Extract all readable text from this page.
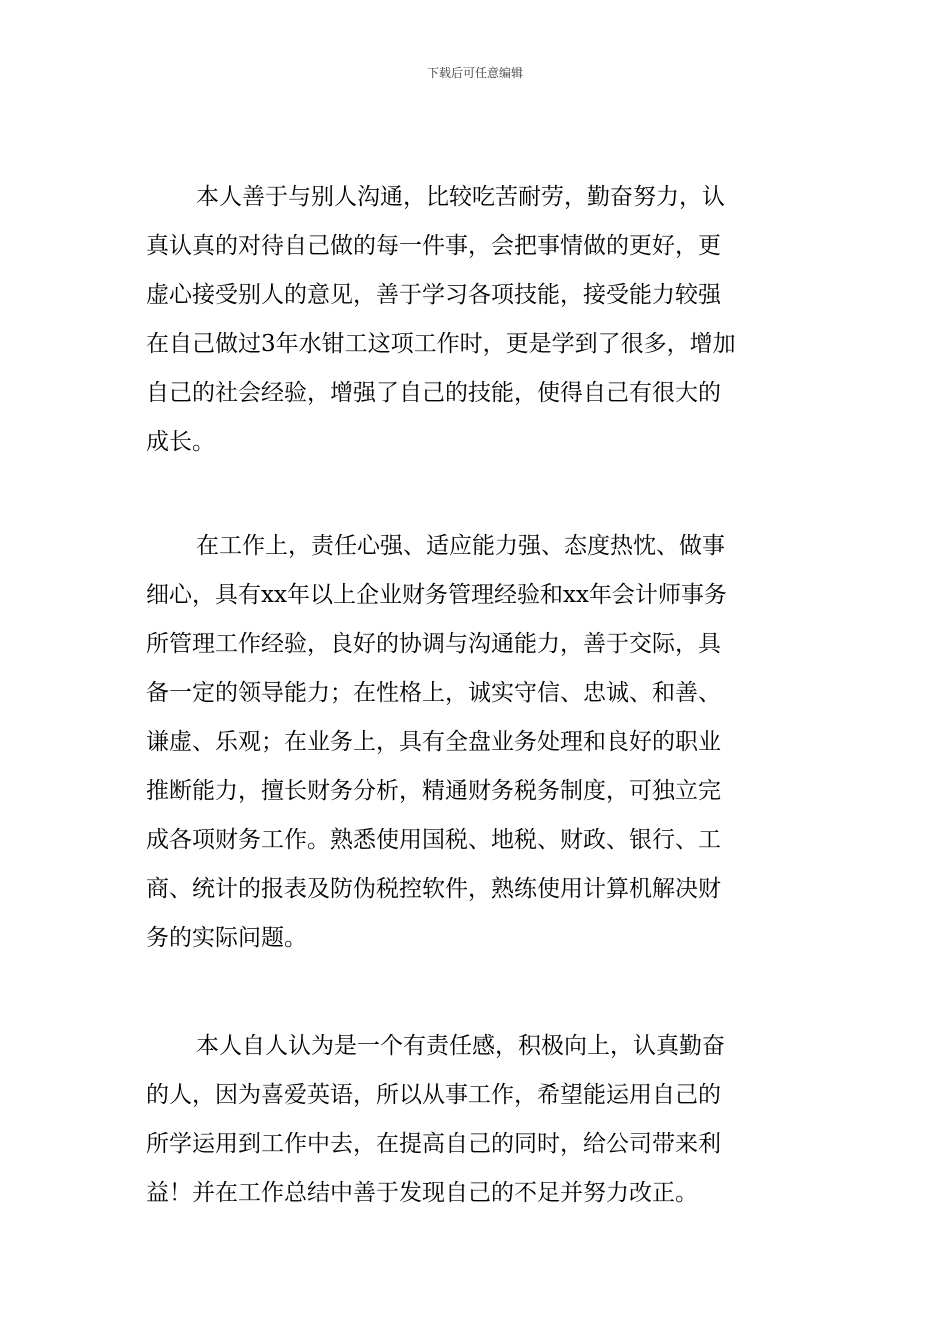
下载后可任意编辑
本人善于与别人沟通，比较吃苦耐劳，勤奋努力，认
真认真的对待自己做的每一件事，会把事情做的更好，更
虚心接受别人的意见，善于学习各项技能，接受能力较强
在自己做过3年水钳工这项工作时，更是学到了很多，增加
自己的社会经验，增强了自己的技能，使得自己有很大的
成长。
在工作上，责任心强、适应能力强、态度热忱、做事
细心，具有xx年以上企业财务管理经验和xx年会计师事务
所管理工作经验，良好的协调与沟通能力，善于交际，具
备一定的领导能力；在性格上，诚实守信、忠诚、和善、
谦虚、乐观；在业务上，具有全盘业务处理和良好的职业
推断能力，擅长财务分析，精通财务税务制度，可独立完
成各项财务工作。熟悉使用国税、地税、财政、银行、工
商、统计的报表及防伪税控软件，熟练使用计算机解决财
务的实际问题。
本人自人认为是一个有责任感，积极向上，认真勤奋
的人，因为喜爱英语，所以从事工作，希望能运用自己的
所学运用到工作中去，在提高自己的同时，给公司带来利
益！并在工作总结中善于发现自己的不足并努力改正。
